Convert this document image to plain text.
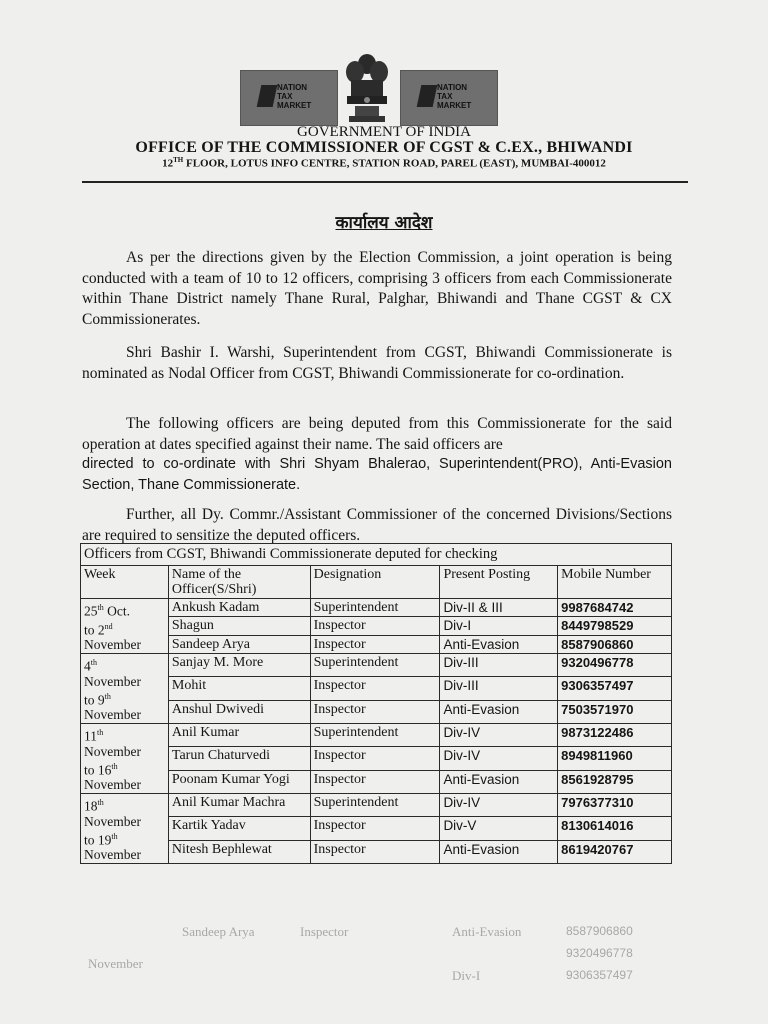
NATION
TAX
MARKET
NATION
TAX
MARKET
GOVERNMENT OF INDIA
OFFICE OF THE COMMISSIONER OF CGST & C.EX., BHIWANDI
12TH FLOOR, LOTUS INFO CENTRE, STATION ROAD, PAREL (EAST), MUMBAI-400012
कार्यालय आदेश
As per the directions given by the Election Commission, a joint operation is being conducted with a team of 10 to 12 officers, comprising 3 officers from each Commissionerate within Thane District namely Thane Rural, Palghar, Bhiwandi and Thane CGST & CX Commissionerates.
Shri Bashir I. Warshi, Superintendent from CGST, Bhiwandi Commissionerate is nominated as Nodal Officer from CGST, Bhiwandi Commissionerate for co-ordination.
The following officers are being deputed from this Commissionerate for the said operation at dates specified against their name. The said officers are
directed to co-ordinate with Shri Shyam Bhalerao, Superintendent(PRO), Anti-Evasion Section, Thane Commissionerate.
Further, all Dy. Commr./Assistant Commissioner of the concerned Divisions/Sections are required to sensitize the deputed officers.
Officers from CGST, Bhiwandi Commissionerate deputed for checking				
Week	Name of the Officer(S/Shri)	Designation	Present Posting	Mobile Number
25th Oct.
to 2nd
November	Ankush Kadam	Superintendent	Div-II & III	9987684742
	Shagun	Inspector	Div-I	8449798529
	Sandeep Arya	Inspector	Anti-Evasion	8587906860
4th
November
to 9th
November	Sanjay M. More	Superintendent	Div-III	9320496778
	Mohit	Inspector	Div-III	9306357497
	Anshul Dwivedi	Inspector	Anti-Evasion	7503571970
11th
November
to 16th
November	Anil Kumar	Superintendent	Div-IV	9873122486
	Tarun Chaturvedi	Inspector	Div-IV	8949811960
	Poonam Kumar Yogi	Inspector	Anti-Evasion	8561928795
18th
November
to 19th
November	Anil Kumar Machra	Superintendent	Div-IV	7976377310
	Kartik Yadav	Inspector	Div-V	8130614016
	Nitesh Bephlewat	Inspector	Anti-Evasion	8619420767
November
Inspector
Sandeep Arya	Anti-Evasion	8587906860
9320496778
Div-I	9306357497
